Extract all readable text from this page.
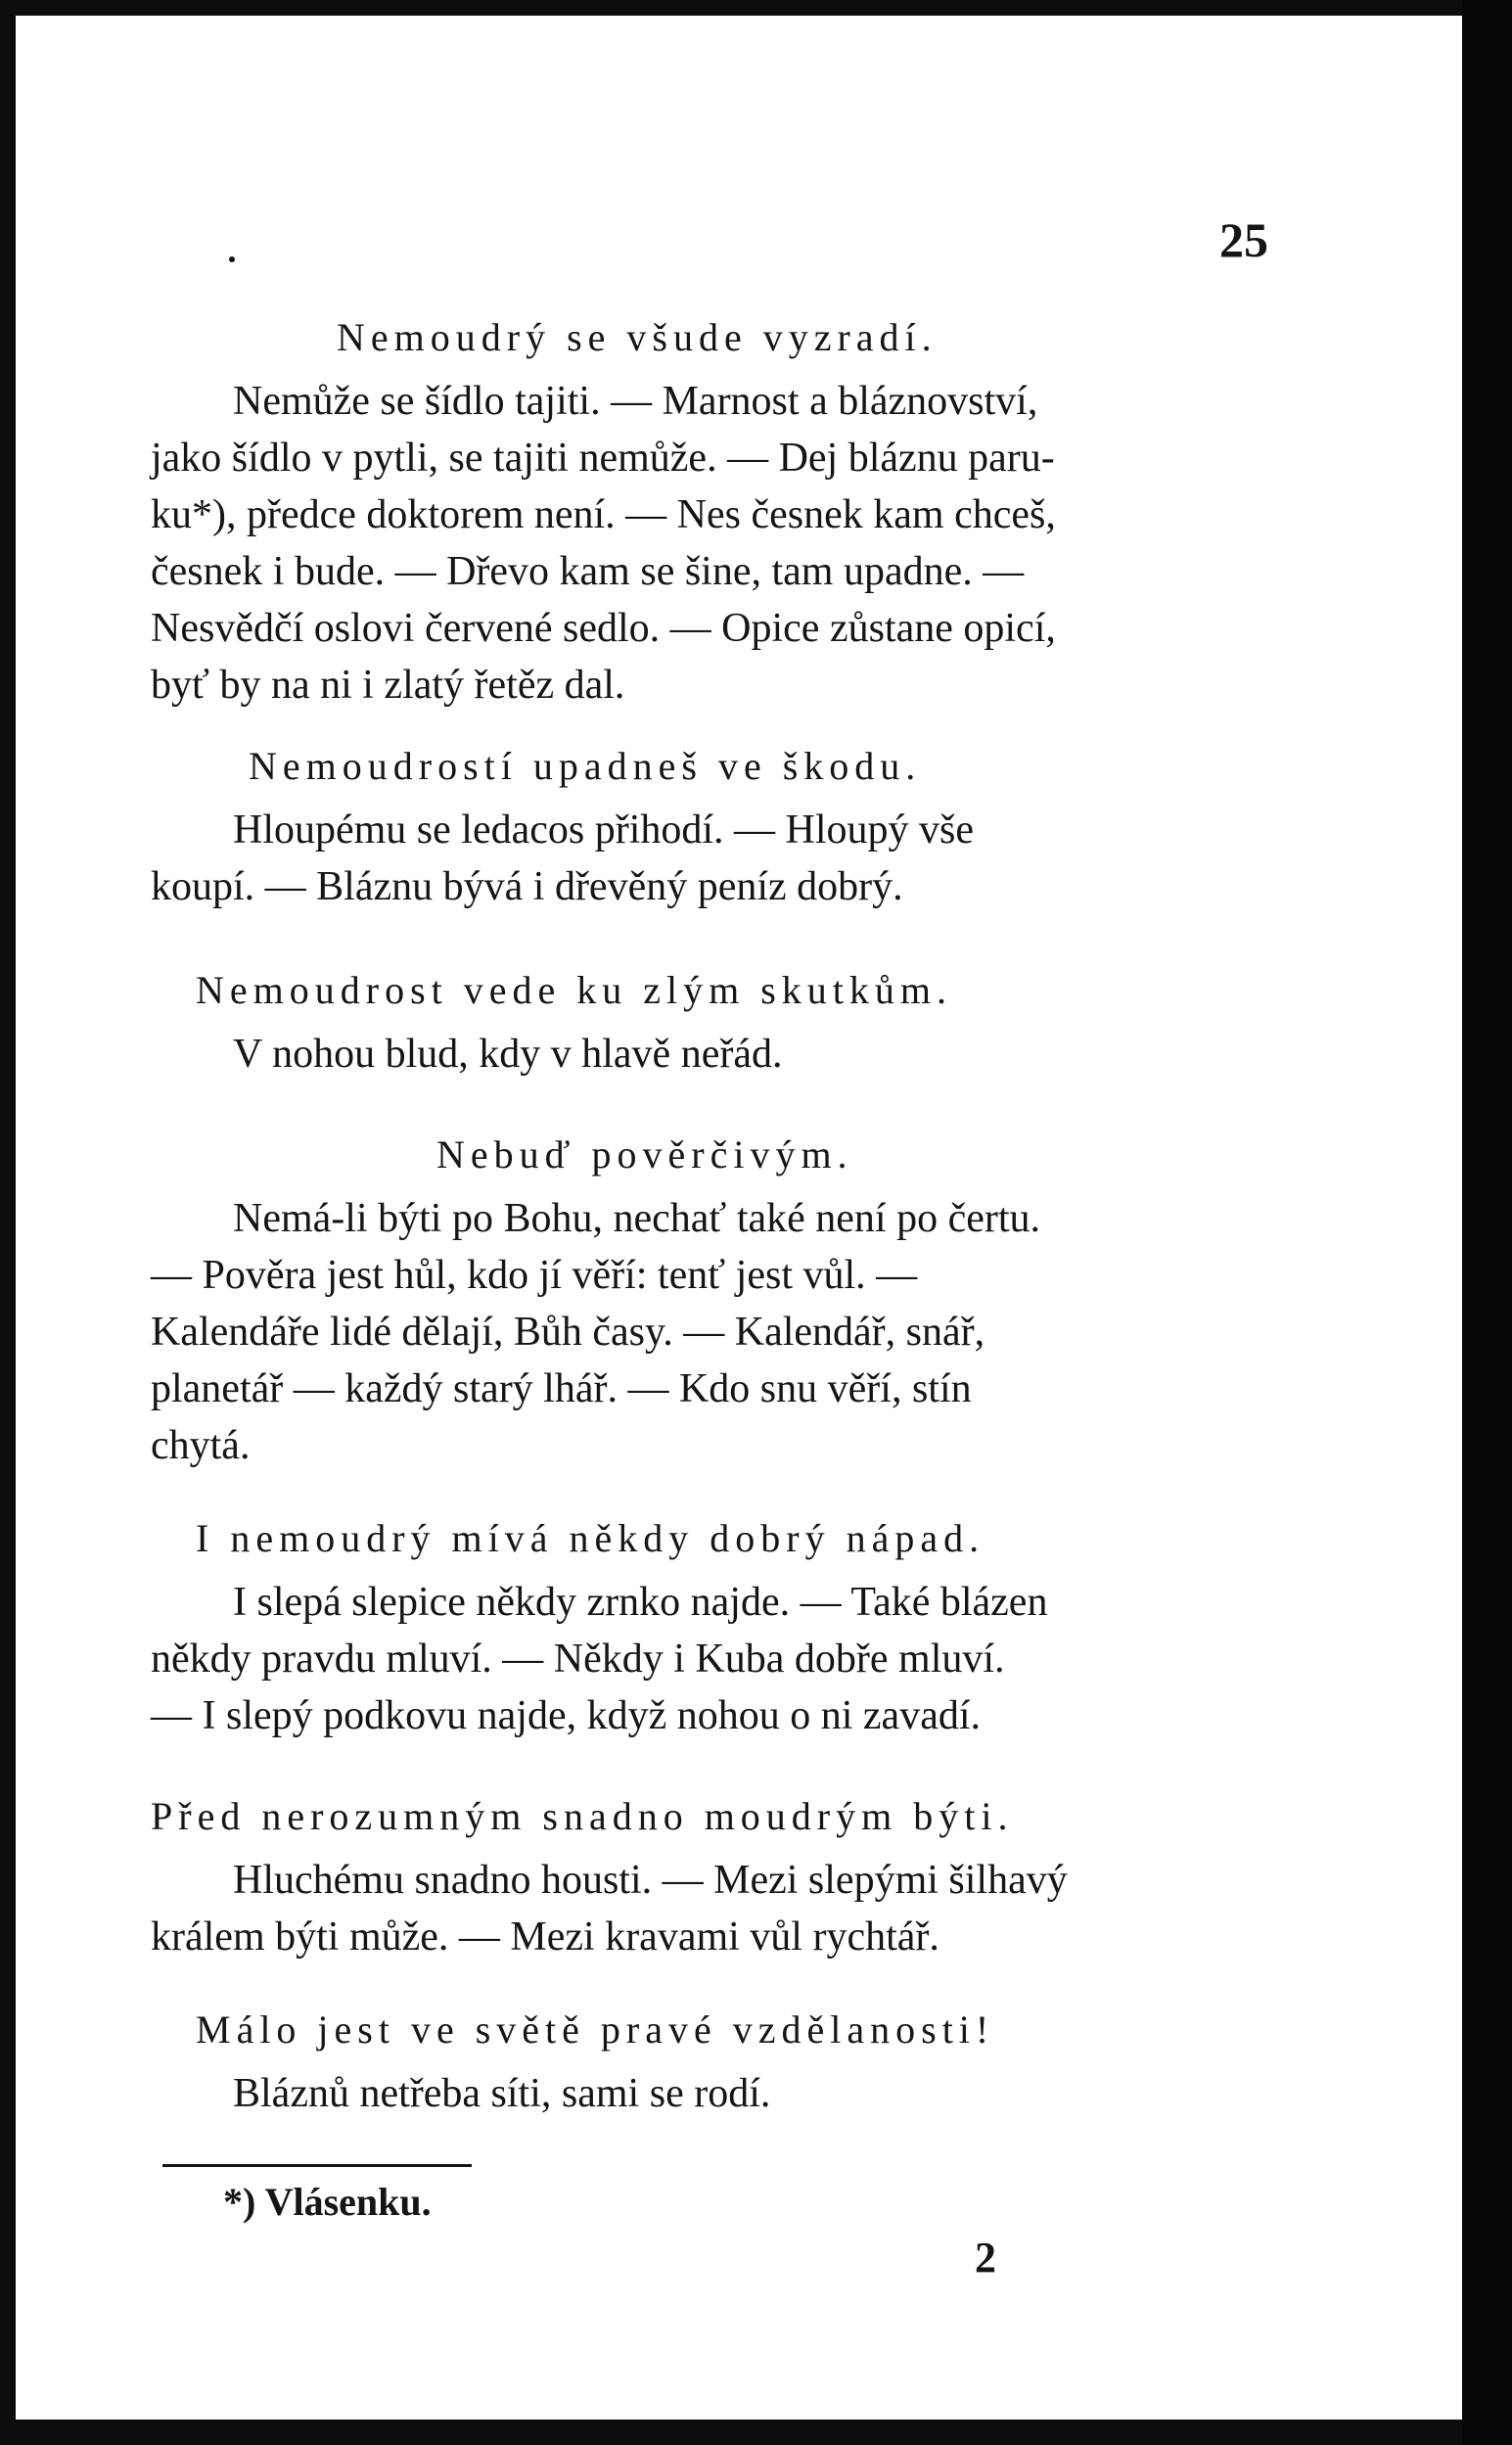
25

Nemoudrý se všude vyzradí.

Nemůže se šídlo tajiti. — Marnost a bláznovství,

jako šídlo v pytli, se tajiti nemůže. — Dej bláznu paru-

ku*), předce doktorem není. — Nes česnek kam chceš,

česnek i bude. — Dřevo kam se šine, tam upadne. —

Nesvědčí oslovi červené sedlo. — Opice zůstane opicí,

byť by na ni i zlatý řetěz dal.

Nemoudrostí upadneš ve škodu.

Hloupému se ledacos přihodí. — Hloupý vše

koupí. — Bláznu bývá i dřevěný peníz dobrý.

Nemoudrost vede ku zlým skutkům.

V nohou blud, kdy v hlavě neřád.

Nebuď pověrčivým.

Nemá-li býti po Bohu, nechať také není po čertu.

— Pověra jest hůl, kdo jí věří: tenť jest vůl. —

Kalendáře lidé dělají, Bůh časy. — Kalendář, snář,

planetář — každý starý lhář. — Kdo snu věří, stín

chytá.

I nemoudrý mívá někdy dobrý nápad.

I slepá slepice někdy zrnko najde. — Také blázen

někdy pravdu mluví. — Někdy i Kuba dobře mluví.

— I slepý podkovu najde, když nohou o ni zavadí.

Před nerozumným snadno moudrým býti.

Hluchému snadno housti. — Mezi slepými šilhavý

králem býti může. — Mezi kravami vůl rychtář.

Málo jest ve světě pravé vzdělanosti!

Bláznů netřeba síti, sami se rodí.

*) Vlásenku.
2
